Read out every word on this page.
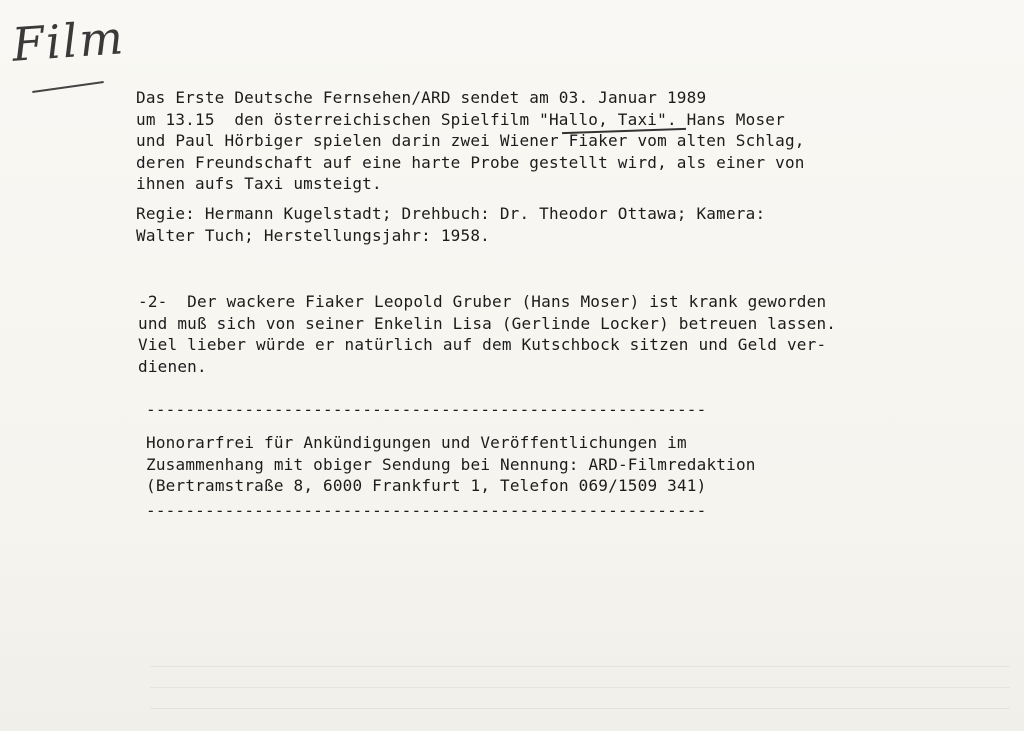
Film
Das Erste Deutsche Fernsehen/ARD sendet am 03. Januar 1989
um 13.15  den österreichischen Spielfilm "Hallo, Taxi". Hans Moser
und Paul Hörbiger spielen darin zwei Wiener Fiaker vom alten Schlag,
deren Freundschaft auf eine harte Probe gestellt wird, als einer von
ihnen aufs Taxi umsteigt.
Regie: Hermann Kugelstadt; Drehbuch: Dr. Theodor Ottawa; Kamera:
Walter Tuch; Herstellungsjahr: 1958.
-2-  Der wackere Fiaker Leopold Gruber (Hans Moser) ist krank geworden
und muß sich von seiner Enkelin Lisa (Gerlinde Locker) betreuen lassen.
Viel lieber würde er natürlich auf dem Kutschbock sitzen und Geld ver-
dienen.
---------------------------------------------------------
Honorarfrei für Ankündigungen und Veröffentlichungen im
Zusammenhang mit obiger Sendung bei Nennung: ARD-Filmredaktion
(Bertramstraße 8, 6000 Frankfurt 1, Telefon 069/1509 341)
---------------------------------------------------------
